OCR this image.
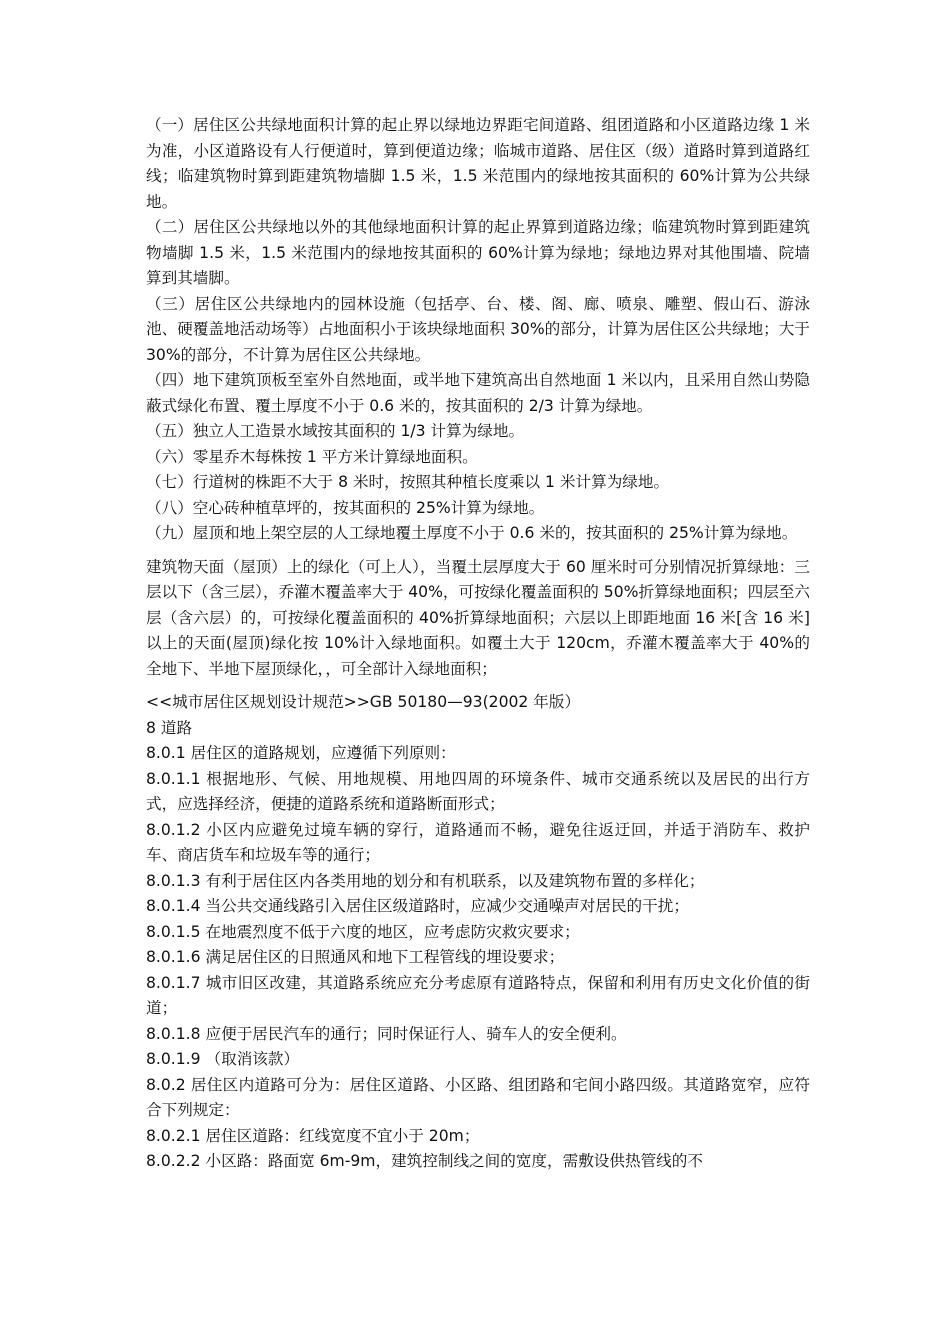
（一）居住区公共绿地面积计算的起止界以绿地边界距宅间道路、组团道路和小区道路边缘 1 米为准，小区道路设有人行便道时，算到便道边缘；临城市道路、居住区（级）道路时算到道路红线；临建筑物时算到距建筑物墙脚 1.5 米，1.5 米范围内的绿地按其面积的 60%计算为公共绿地。

（二）居住区公共绿地以外的其他绿地面积计算的起止界算到道路边缘；临建筑物时算到距建筑物墙脚 1.5 米，1.5 米范围内的绿地按其面积的 60%计算为绿地；绿地边界对其他围墙、院墙算到其墙脚。

（三）居住区公共绿地内的园林设施（包括亭、台、楼、阁、廊、喷泉、雕塑、假山石、游泳池、硬覆盖地活动场等）占地面积小于该块绿地面积 30%的部分，计算为居住区公共绿地；大于 30%的部分，不计算为居住区公共绿地。

（四）地下建筑顶板至室外自然地面，或半地下建筑高出自然地面 1 米以内，且采用自然山势隐蔽式绿化布置、覆土厚度不小于 0.6 米的，按其面积的 2/3 计算为绿地。

（五）独立人工造景水域按其面积的 1/3 计算为绿地。

（六）零星乔木每株按 1 平方米计算绿地面积。

（七）行道树的株距不大于 8 米时，按照其种植长度乘以 1 米计算为绿地。

（八）空心砖种植草坪的，按其面积的 25%计算为绿地。

（九）屋顶和地上架空层的人工绿地覆土厚度不小于 0.6 米的，按其面积的 25%计算为绿地。

建筑物天面（屋顶）上的绿化（可上人），当覆土层厚度大于 60 厘米时可分别情况折算绿地：三层以下（含三层），乔灌木覆盖率大于 40%，可按绿化覆盖面积的 50%折算绿地面积；四层至六层（含六层）的，可按绿化覆盖面积的 40%折算绿地面积；六层以上即距地面 16 米[含 16 米]以上的天面(屋顶)绿化按 10%计入绿地面积。如覆土大于 120cm，乔灌木覆盖率大于 40%的全地下、半地下屋顶绿化，，可全部计入绿地面积；

<<城市居住区规划设计规范>>GB 50180—93(2002 年版）

8 道路

8.0.1 居住区的道路规划，应遵循下列原则：

8.0.1.1 根据地形、气候、用地规模、用地四周的环境条件、城市交通系统以及居民的出行方式，应选择经济，便捷的道路系统和道路断面形式；

8.0.1.2 小区内应避免过境车辆的穿行，道路通而不畅，避免往返迂回，并适于消防车、救护车、商店货车和垃圾车等的通行；

8.0.1.3 有利于居住区内各类用地的划分和有机联系，以及建筑物布置的多样化；

8.0.1.4 当公共交通线路引入居住区级道路时，应减少交通噪声对居民的干扰；

8.0.1.5 在地震烈度不低于六度的地区，应考虑防灾救灾要求；

8.0.1.6 满足居住区的日照通风和地下工程管线的埋设要求；

8.0.1.7 城市旧区改建，其道路系统应充分考虑原有道路特点，保留和利用有历史文化价值的街道；

8.0.1.8 应便于居民汽车的通行；同时保证行人、骑车人的安全便利。

8.0.1.9 （取消该款）

8.0.2 居住区内道路可分为：居住区道路、小区路、组团路和宅间小路四级。其道路宽窄，应符合下列规定：

8.0.2.1 居住区道路：红线宽度不宜小于 20m；

8.0.2.2 小区路：路面宽 6m-9m，建筑控制线之间的宽度，需敷设供热管线的不
